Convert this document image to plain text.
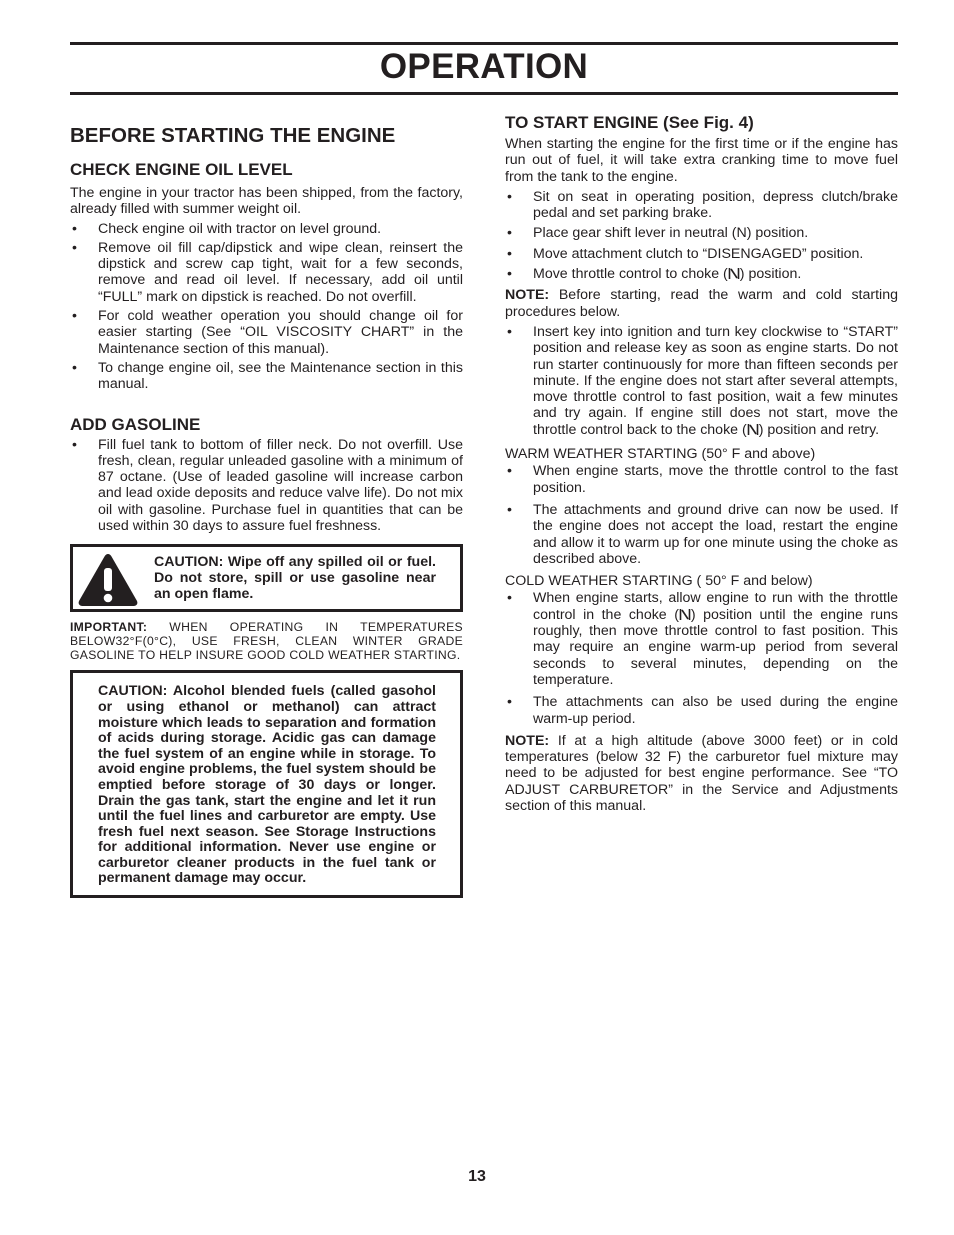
OPERATION
BEFORE STARTING THE ENGINE
CHECK ENGINE OIL LEVEL

The engine in your tractor has been shipped, from the factory, already filled with summer weight oil.

• Check engine oil with tractor on level ground.
• Remove oil fill cap/dipstick and wipe clean, reinsert the dipstick and screw cap tight, wait for a few seconds, remove and read oil level. If necessary, add oil until “FULL” mark on dipstick is reached. Do not overfill.
• For cold weather operation you should change oil for easier starting (See “OIL VISCOSITY CHART” in the Maintenance section of this manual).
• To change engine oil, see the Maintenance section in this manual.
ADD GASOLINE
• Fill fuel tank to bottom of filler neck. Do not overfill. Use fresh, clean, regular unleaded gasoline with a minimum of 87 octane. (Use of leaded gasoline will increase carbon and lead oxide deposits and reduce valve life). Do not mix oil with gasoline. Purchase fuel in quantities that can be used within 30 days to assure fuel freshness.
CAUTION: Wipe off any spilled oil or fuel. Do not store, spill or use gasoline near an open flame.

IMPORTANT: WHEN OPERATING IN TEMPERATURES BELOW32°F(0°C), USE FRESH, CLEAN WINTER GRADE GASOLINE TO HELP INSURE GOOD COLD WEATHER STARTING.

CAUTION: Alcohol blended fuels (called gasohol or using ethanol or methanol) can attract moisture which leads to separation and formation of acids during storage. Acidic gas can damage the fuel system of an engine while in storage. To avoid engine problems, the fuel system should be emptied before storage of 30 days or longer. Drain the gas tank, start the engine and let it run until the fuel lines and carburetor are empty. Use fresh fuel next season. See Storage Instructions for additional information. Never use engine or carburetor cleaner products in the fuel tank or permanent damage may occur.
TO START ENGINE (See Fig. 4)

When starting the engine for the first time or if the engine has run out of fuel, it will take extra cranking time to move fuel from the tank to the engine.

• Sit on seat in operating position, depress clutch/brake pedal and set parking brake.
• Place gear shift lever in neutral (N) position.
• Move attachment clutch to “DISENGAGED” position.
• Move throttle control to choke ( ) position.

NOTE: Before starting, read the warm and cold starting procedures below.

• Insert key into ignition and turn key clockwise to “START” position and release key as soon as engine starts. Do not run starter continuously for more than fifteen seconds per minute. If the engine does not start after several attempts, move throttle control to fast position, wait a few minutes and try again. If engine still does not start, move the throttle control back to the choke ( ) position and retry.

WARM WEATHER STARTING (50° F and above)

• When engine starts, move the throttle control to the fast position.
• The attachments and ground drive can now be used. If the engine does not accept the load, restart the engine and allow it to warm up for one minute using the choke as described above.

COLD WEATHER STARTING ( 50° F and below)

• When engine starts, allow engine to run with the throttle control in the choke ( ) position until the engine runs roughly, then move throttle control to fast position. This may require an engine warm-up period from several seconds to several minutes, depending on the temperature.
• The attachments can also be used during the engine warm-up period.

NOTE: If at a high altitude (above 3000 feet) or in cold temperatures (below 32 F) the carburetor fuel mixture may need to be adjusted for best engine performance. See “TO ADJUST CARBURETOR” in the Service and Adjustments section of this manual.

13
